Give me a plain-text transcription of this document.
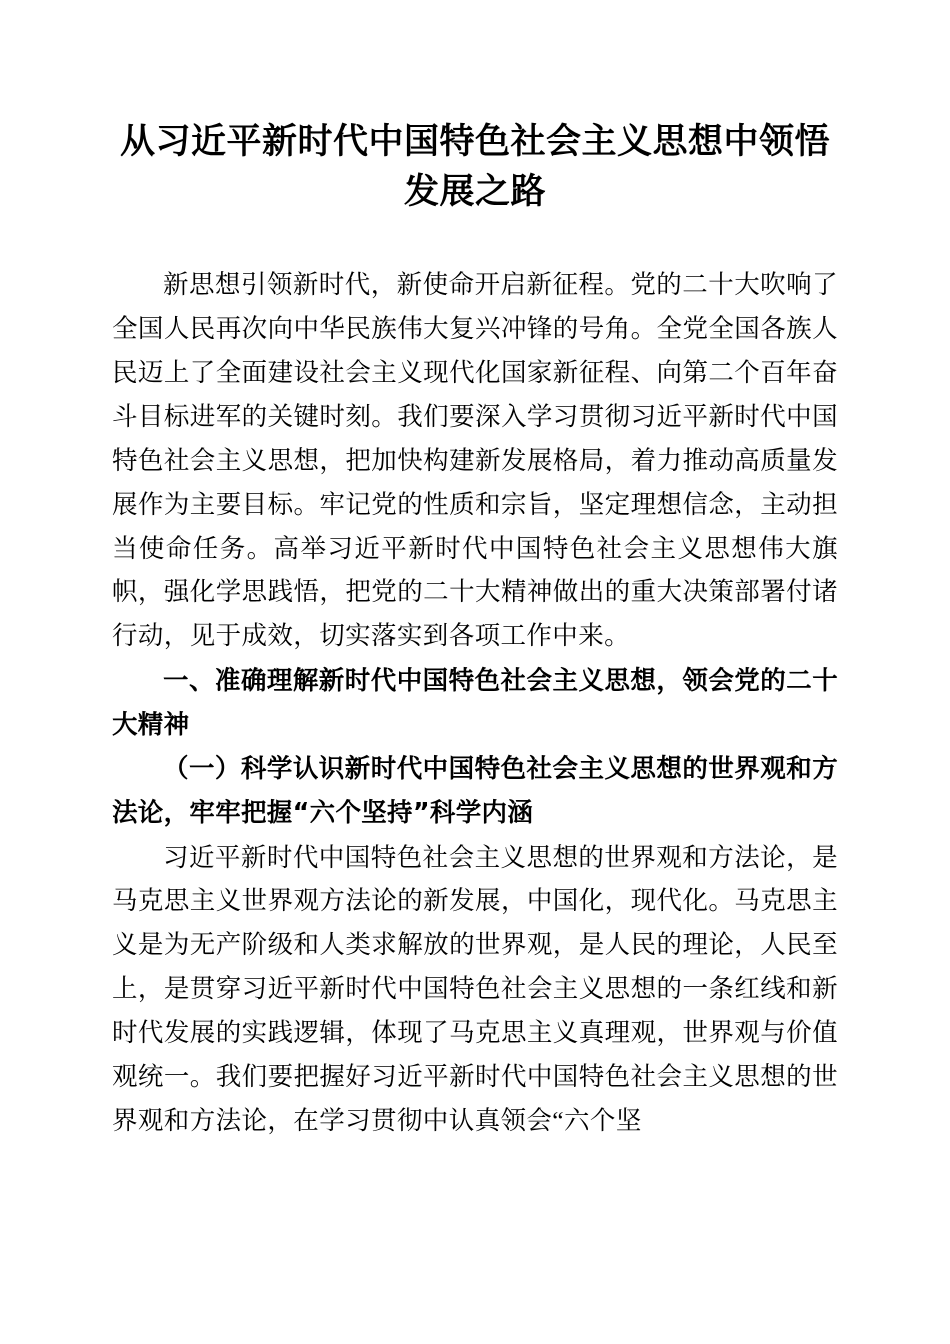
从习近平新时代中国特色社会主义思想中领悟发展之路

新思想引领新时代，新使命开启新征程。党的二十大吹响了全国人民再次向中华民族伟大复兴冲锋的号角。全党全国各族人民迈上了全面建设社会主义现代化国家新征程、向第二个百年奋斗目标进军的关键时刻。我们要深入学习贯彻习近平新时代中国特色社会主义思想，把加快构建新发展格局，着力推动高质量发展作为主要目标。牢记党的性质和宗旨，坚定理想信念，主动担当使命任务。高举习近平新时代中国特色社会主义思想伟大旗帜，强化学思践悟，把党的二十大精神做出的重大决策部署付诸行动，见于成效，切实落实到各项工作中来。

一、准确理解新时代中国特色社会主义思想，领会党的二十大精神

（一）科学认识新时代中国特色社会主义思想的世界观和方法论，牢牢把握“六个坚持”科学内涵

习近平新时代中国特色社会主义思想的世界观和方法论，是马克思主义世界观方法论的新发展，中国化，现代化。马克思主义是为无产阶级和人类求解放的世界观，是人民的理论，人民至上，是贯穿习近平新时代中国特色社会主义思想的一条红线和新时代发展的实践逻辑，体现了马克思主义真理观，世界观与价值观统一。我们要把握好习近平新时代中国特色社会主义思想的世界观和方法论，在学习贯彻中认真领会“六个坚
